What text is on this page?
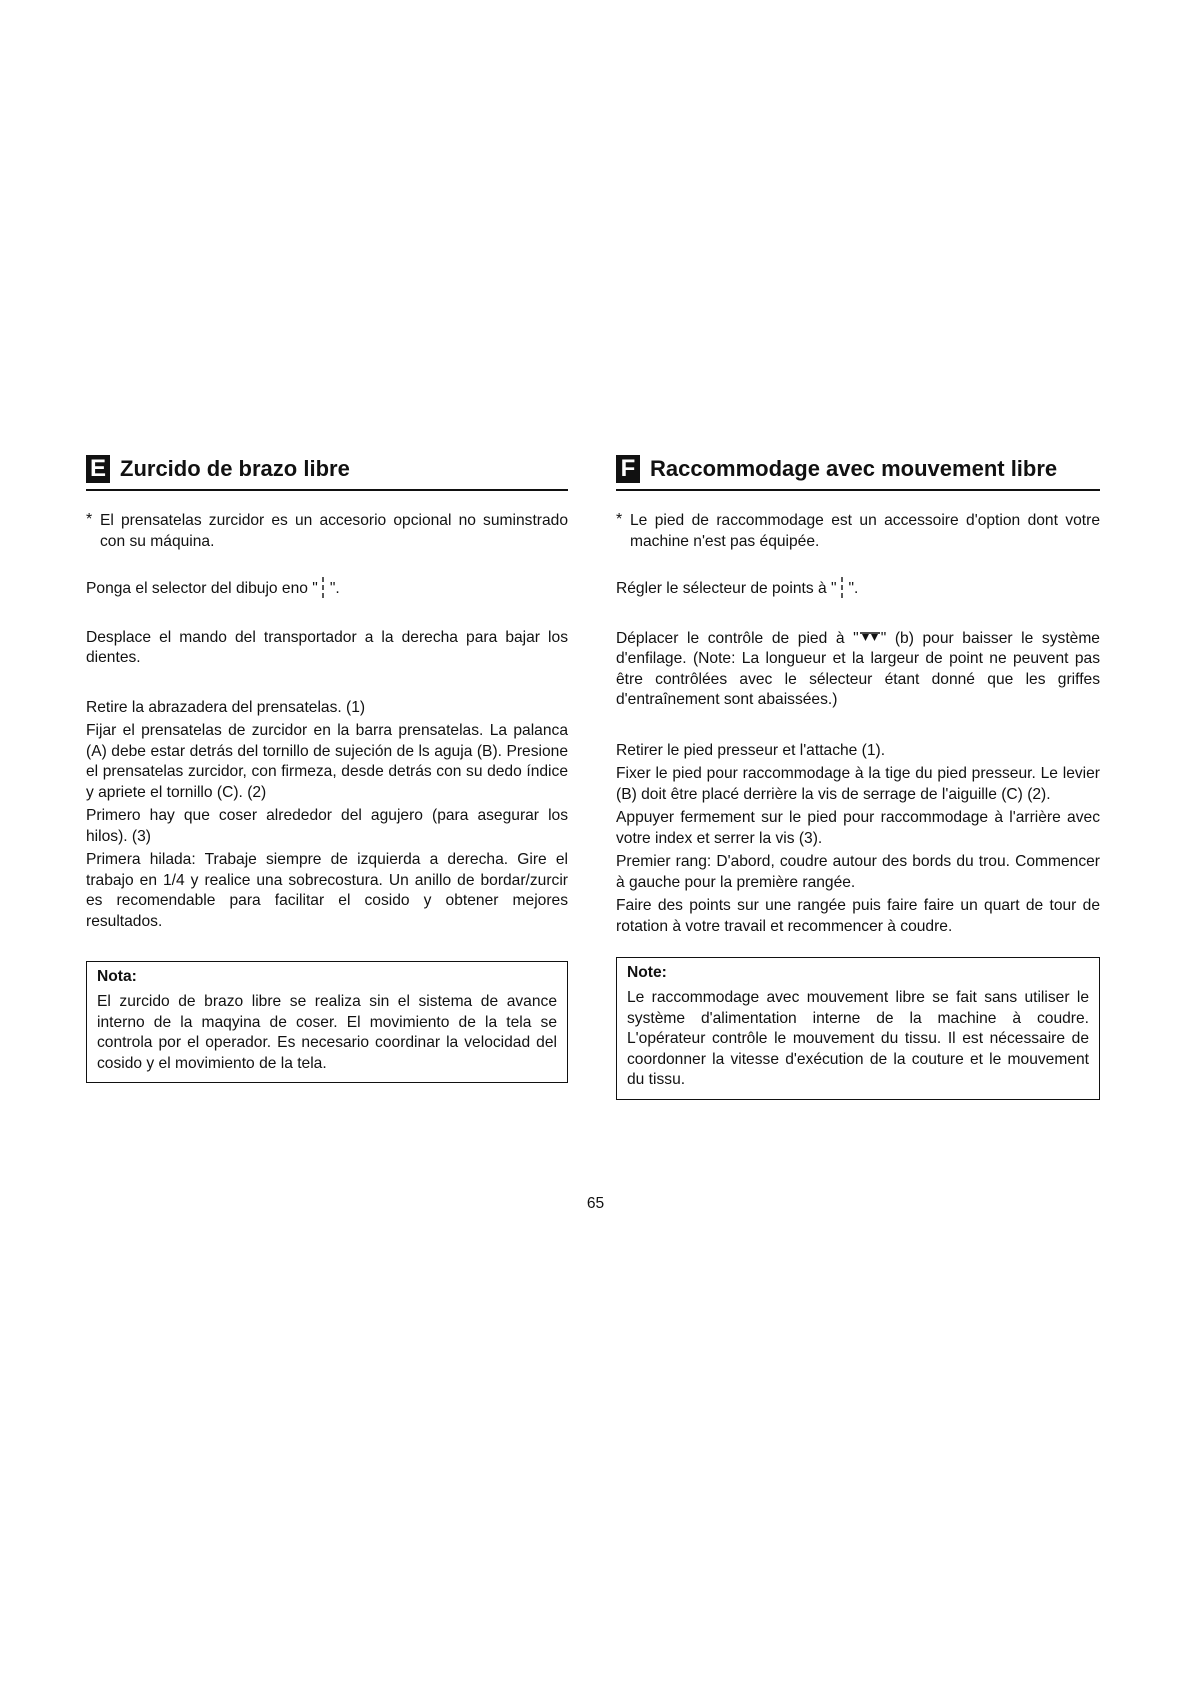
E Zurcido de brazo libre
* El prensatelas zurcidor es un accesorio opcional no suminstrado con su máquina.

Ponga el selector del dibujo eno " ".

Desplace el mando del transportador a la derecha para bajar los dientes.

Retire la abrazadera del prensatelas. (1)

Fijar el prensatelas de zurcidor en la barra prensatelas. La palanca (A) debe estar detrás del tornillo de sujeción de ls aguja (B). Presione el prensatelas zurcidor, con firmeza, desde detrás con su dedo índice y apriete el tornillo (C). (2)

Primero hay que coser alrededor del agujero (para asegurar los hilos). (3)

Primera hilada: Trabaje siempre de izquierda a derecha. Gire el trabajo en 1/4 y realice una sobrecostura. Un anillo de bordar/zurcir es recomendable para facilitar el cosido y obtener mejores resultados.

Nota:

El zurcido de brazo libre se realiza sin el sistema de avance interno de la maqyina de coser. El movimiento de la tela se controla por el operador. Es necesario coordinar la velocidad del cosido y el movimiento de la tela.

F Raccommodage avec mouvement libre
* Le pied de raccommodage est un accessoire d'option dont votre machine n'est pas équipée.

Régler le sélecteur de points à " ".

Déplacer le contrôle de pied à " " (b) pour baisser le système d'enfilage. (Note: La longueur et la largeur de point ne peuvent pas être contrôlées avec le sélecteur étant donné que les griffes d'entraînement sont abaissées.)

Retirer le pied presseur et l'attache (1).

Fixer le pied pour raccommodage à la tige du pied presseur. Le levier (B) doit être placé derrière la vis de serrage de l'aiguille (C) (2).

Appuyer fermement sur le pied pour raccommodage à l'arrière avec votre index et serrer la vis (3).

Premier rang: D'abord, coudre autour des bords du trou. Commencer à gauche pour la première rangée.

Faire des points sur une rangée puis faire faire un quart de tour de rotation à votre travail et recommencer à coudre.

Note:

Le raccommodage avec mouvement libre se fait sans utiliser le système d'alimentation interne de la machine à coudre. L'opérateur contrôle le mouvement du tissu. Il est nécessaire de coordonner la vitesse d'exécution de la couture et le mouvement du tissu.

65
